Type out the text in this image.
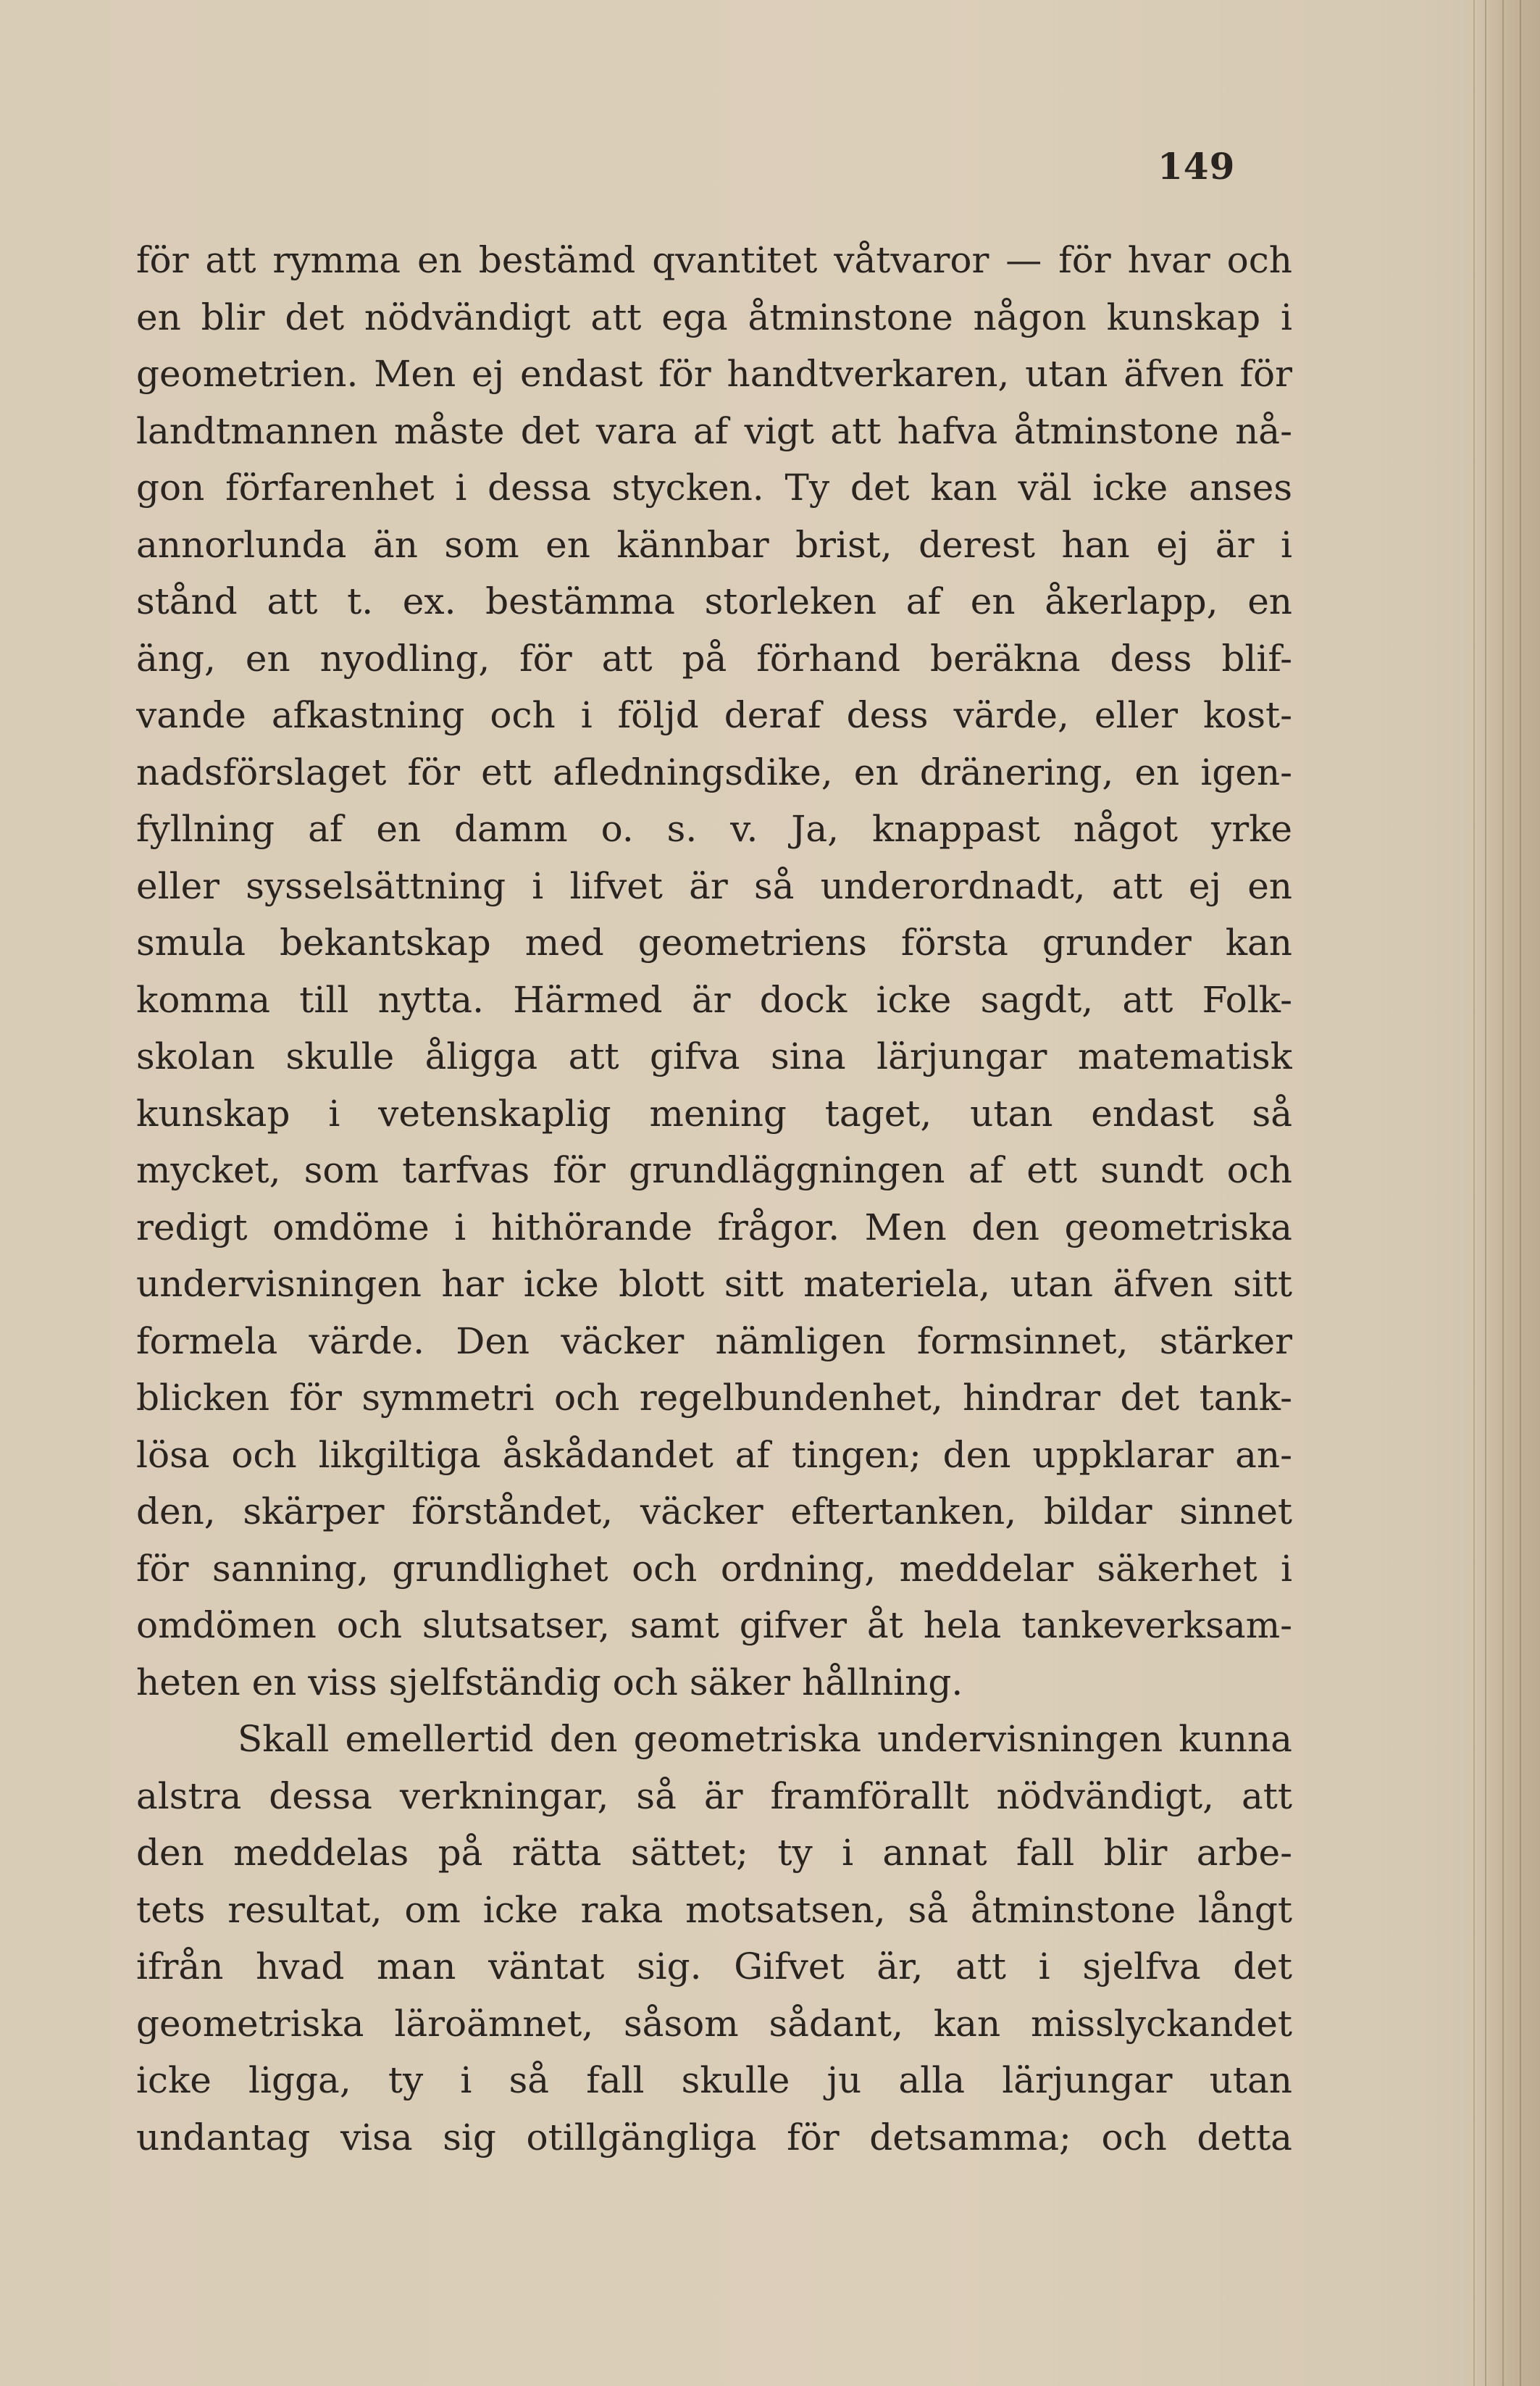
149
för att rymma en bestämd qvantitet våtvaror — för hvar och
en blir det nödvändigt att ega åtminstone någon kunskap i
geometrien. Men ej endast för handtverkaren, utan äfven för
landtmannen måste det vara af vigt att hafva åtminstone nå-
gon förfarenhet i dessa stycken. Ty det kan väl icke anses
annorlunda än som en kännbar brist, derest han ej är i
stånd att t. ex. bestämma storleken af en åkerlapp, en
äng, en nyodling, för att på förhand beräkna dess blif-
vande afkastning och i följd deraf dess värde, eller kost-
nadsförslaget för ett afledningsdike, en dränering, en igen-
fyllning af en damm o. s. v. Ja, knappast något yrke
eller sysselsättning i lifvet är så underordnadt, att ej en
smula bekantskap med geometriens första grunder kan
komma till nytta. Härmed är dock icke sagdt, att Folk-
skolan skulle åligga att gifva sina lärjungar matematisk
kunskap i vetenskaplig mening taget, utan endast så
mycket, som tarfvas för grundläggningen af ett sundt och
redigt omdöme i hithörande frågor. Men den geometriska
undervisningen har icke blott sitt materiela, utan äfven sitt
formela värde. Den väcker nämligen formsinnet, stärker
blicken för symmetri och regelbundenhet, hindrar det tank-
lösa och likgiltiga åskådandet af tingen; den uppklarar an-
den, skärper förståndet, väcker eftertanken, bildar sinnet
för sanning, grundlighet och ordning, meddelar säkerhet i
omdömen och slutsatser, samt gifver åt hela tankeverksam-
heten en viss sjelfständig och säker hållning.
Skall emellertid den geometriska undervisningen kunna
alstra dessa verkningar, så är framförallt nödvändigt, att
den meddelas på rätta sättet; ty i annat fall blir arbe-
tets resultat, om icke raka motsatsen, så åtminstone långt
ifrån hvad man väntat sig. Gifvet är, att i sjelfva det
geometriska läroämnet, såsom sådant, kan misslyckandet
icke ligga, ty i så fall skulle ju alla lärjungar utan
undantag visa sig otillgängliga för detsamma; och detta
